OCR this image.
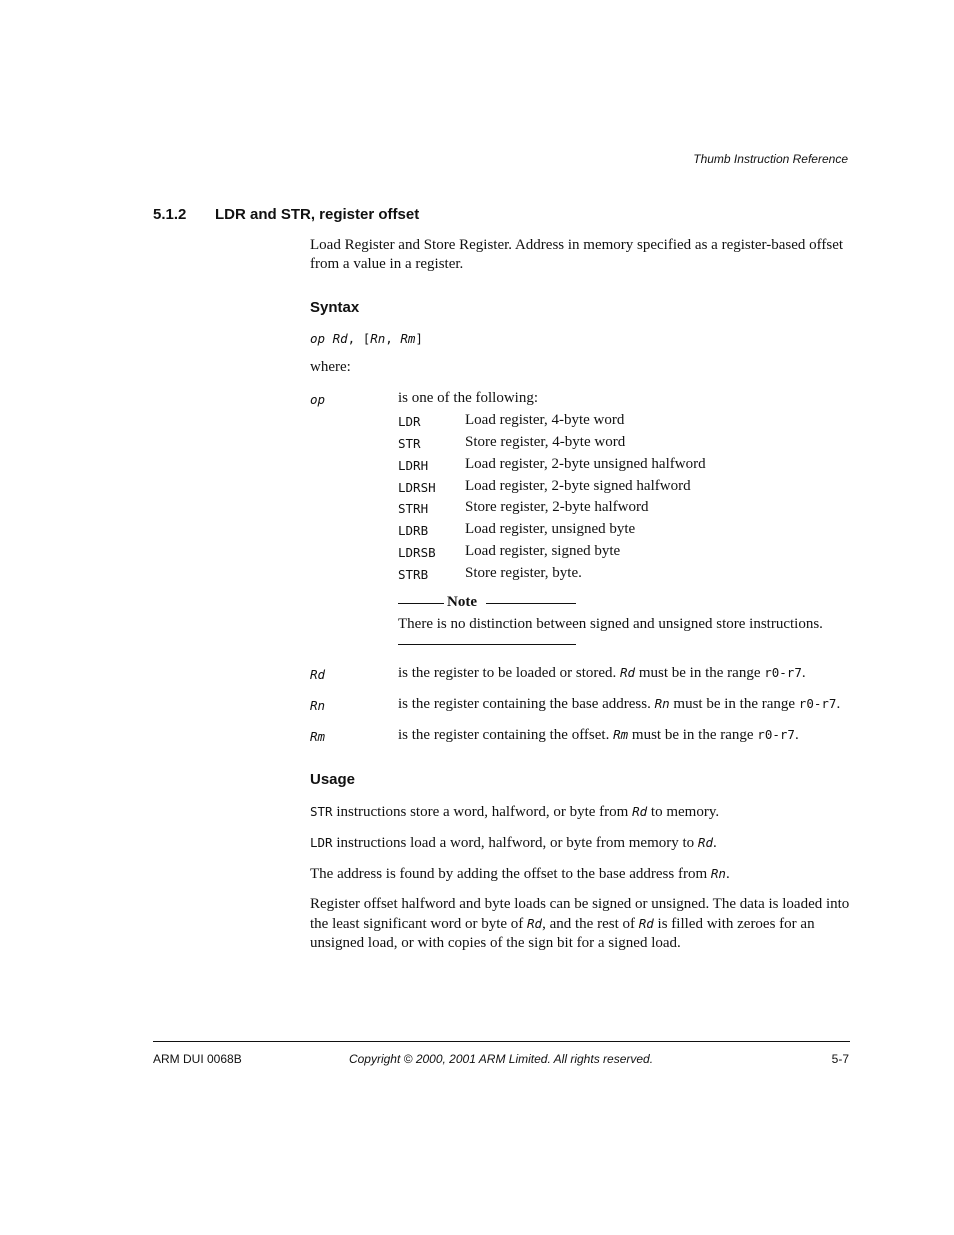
Thumb Instruction Reference
5.1.2 LDR and STR, register offset
Load Register and Store Register. Address in memory specified as a register-based offset from a value in a register.
Syntax
op Rd, [Rn, Rm]
where:
op	is one of the following:
LDR	Load register, 4-byte word
STR	Store register, 4-byte word
LDRH Load register, 2-byte unsigned halfword
LDRSH Load register, 2-byte signed halfword
STRH Store register, 2-byte halfword
LDRB Load register, unsigned byte
LDRSB Load register, signed byte
STRB Store register, byte.
Note
There is no distinction between signed and unsigned store instructions.
Rd	is the register to be loaded or stored. Rd must be in the range r0-r7.
Rn	is the register containing the base address. Rn must be in the range r0-r7.
Rm	is the register containing the offset. Rm must be in the range r0-r7.
Usage
STR instructions store a word, halfword, or byte from Rd to memory.
LDR instructions load a word, halfword, or byte from memory to Rd.
The address is found by adding the offset to the base address from Rn.
Register offset halfword and byte loads can be signed or unsigned. The data is loaded into the least significant word or byte of Rd, and the rest of Rd is filled with zeroes for an unsigned load, or with copies of the sign bit for a signed load.
ARM DUI 0068B	Copyright © 2000, 2001 ARM Limited. All rights reserved.	5-7
